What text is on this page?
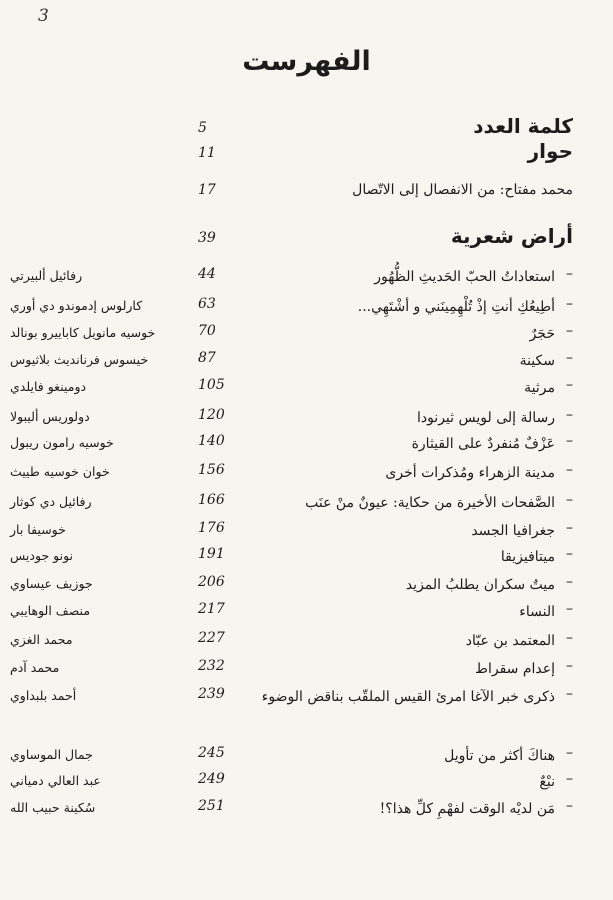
3
الفهرست
كلمة العدد
5
حوار
11
محمد مفتاح: من الانفصال إلى الاتّصال
17
أراض شعرية
39
–
استعاداتُ الحبّ الحَديثِ الظُّهُور
44
رفائيل ألبيرتي
–
أطِيعُكِ أنتِ إذْ تُلْهِمِينَني و أشْتَهِي...
63
كارلوس إدموندو دي أوري
–
حَجَرٌ
70
خوسيه مانويل كاباييرو بونالد
–
سكينة
87
خيسوس فرنانديث بلاثيوس
–
مرثية
105
دومينغو فايلدي
–
رسالة إلى لويس ثيرنودا
120
دولوريس أليبولا
–
عَزْفٌ مُنفردٌ على القيثارة
140
خوسيه رامون ريبول
–
مدينة الزهراء ومُذكرات أخرى
156
خوان خوسيه طييث
–
الصَّفحات الأخيرة من حكاية: عيونٌ منْ عنَب
166
رفائيل دي كوثار
–
جغرافيا الجسد
176
خوسيفا بار
–
ميتافيزيقا
191
نونو جوديس
–
ميتٌ سكران يطلبُ المزيد
206
جوزيف عيساوي
–
النساء
217
منصف الوهايبي
–
المعتمد بن عبّاد
227
محمد الغزي
–
إعدام سقراط
232
محمد آدم
–
ذكرى خبر الآغا امرئ القيس الملقّب بناقض الوضوء
239
أحمد بلبداوي
–
هناكَ أكثر من تأويل
245
جمال الموساوي
–
نبْعٌ
249
عبد العالي دمياني
–
مَن لديْه الوقت لفهْمِ كلِّ هذا؟!
251
سُكينة حبيب الله
